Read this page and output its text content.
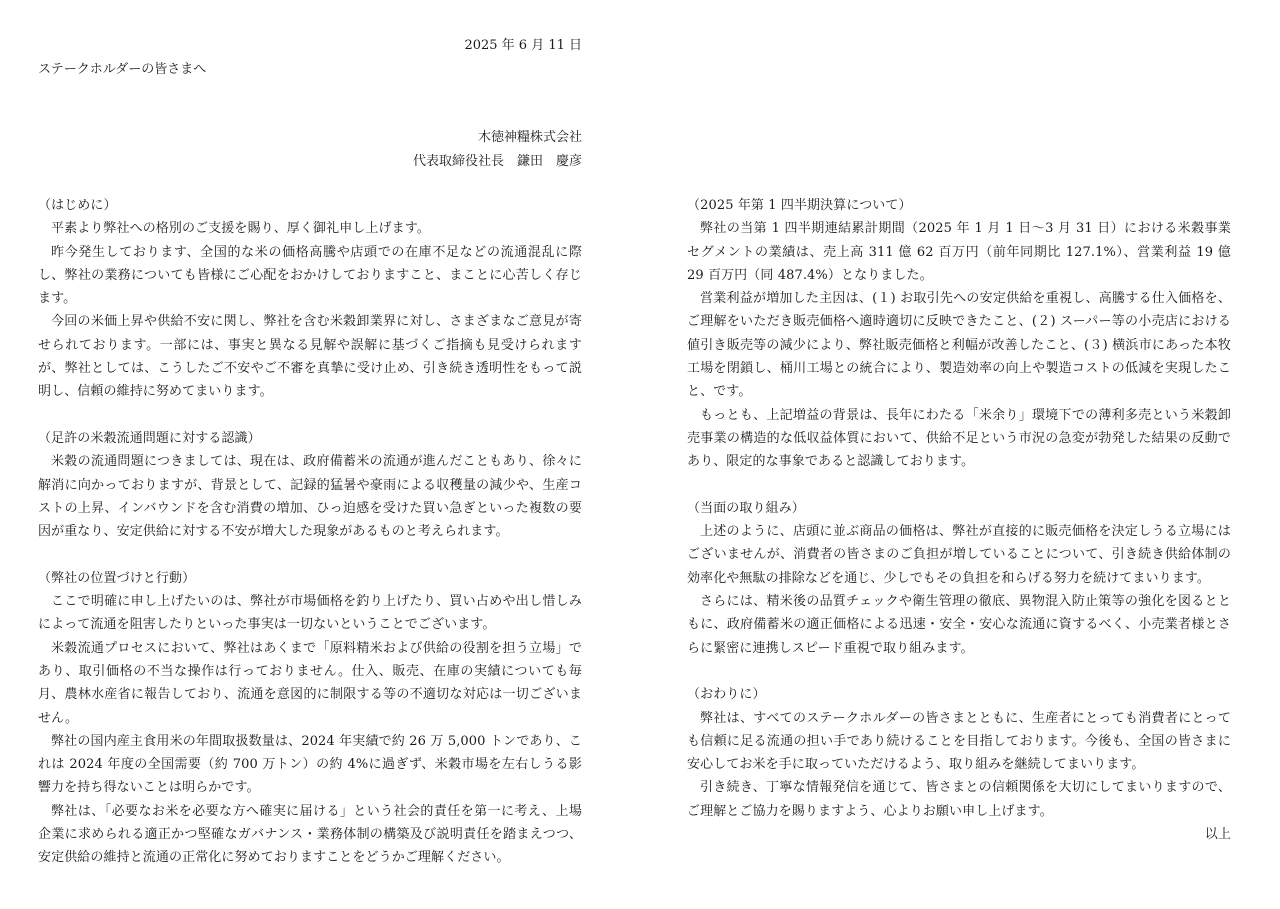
2025 年 6 月 11 日
ステークホルダーの皆さまへ
木徳神糧株式会社
代表取締役社長　鎌田　慶彦

（はじめに）

平素より弊社への格別のご支援を賜り、厚く御礼申し上げます。

昨今発生しております、全国的な米の価格高騰や店頭での在庫不足などの流通混乱に際し、弊社の業務についても皆様にご心配をおかけしておりますこと、まことに心苦しく存じます。

今回の米価上昇や供給不安に関し、弊社を含む米穀卸業界に対し、さまざまなご意見が寄せられております。一部には、事実と異なる見解や誤解に基づくご指摘も見受けられますが、弊社としては、こうしたご不安やご不審を真摯に受け止め、引き続き透明性をもって説明し、信頼の維持に努めてまいります。

（足許の米穀流通問題に対する認識）

米穀の流通問題につきましては、現在は、政府備蓄米の流通が進んだこともあり、徐々に解消に向かっておりますが、背景として、記録的猛暑や豪雨による収穫量の減少や、生産コストの上昇、インバウンドを含む消費の増加、ひっ迫感を受けた買い急ぎといった複数の要因が重なり、安定供給に対する不安が増大した現象があるものと考えられます。

（弊社の位置づけと行動）

ここで明確に申し上げたいのは、弊社が市場価格を釣り上げたり、買い占めや出し惜しみによって流通を阻害したりといった事実は一切ないということでございます。

米穀流通プロセスにおいて、弊社はあくまで「原料精米および供給の役割を担う立場」であり、取引価格の不当な操作は行っておりません。仕入、販売、在庫の実績についても毎月、農林水産省に報告しており、流通を意図的に制限する等の不適切な対応は一切ございません。

弊社の国内産主食用米の年間取扱数量は、2024 年実績で約 26 万 5,000 トンであり、これは 2024 年度の全国需要（約 700 万トン）の約 4%に過ぎず、米穀市場を左右しうる影響力を持ち得ないことは明らかです。

弊社は、「必要なお米を必要な方へ確実に届ける」という社会的責任を第一に考え、上場企業に求められる適正かつ堅確なガバナンス・業務体制の構築及び説明責任を踏まえつつ、安定供給の維持と流通の正常化に努めておりますことをどうかご理解ください。

（2025 年第 1 四半期決算について）

弊社の当第 1 四半期連結累計期間（2025 年 1 月 1 日～3 月 31 日）における米穀事業セグメントの業績は、売上高 311 億 62 百万円（前年同期比 127.1%）、営業利益 19 億 29 百万円（同 487.4%）となりました。

営業利益が増加した主因は、(１) お取引先への安定供給を重視し、高騰する仕入価格を、ご理解をいただき販売価格へ適時適切に反映できたこと、(２) スーパー等の小売店における値引き販売等の減少により、弊社販売価格と利幅が改善したこと、(３) 横浜市にあった本牧工場を閉鎖し、桶川工場との統合により、製造効率の向上や製造コストの低減を実現したこと、です。

もっとも、上記増益の背景は、長年にわたる「米余り」環境下での薄利多売という米穀卸売事業の構造的な低収益体質において、供給不足という市況の急変が勃発した結果の反動であり、限定的な事象であると認識しております。

（当面の取り組み）

上述のように、店頭に並ぶ商品の価格は、弊社が直接的に販売価格を決定しうる立場にはございませんが、消費者の皆さまのご負担が増していることについて、引き続き供給体制の効率化や無駄の排除などを通じ、少しでもその負担を和らげる努力を続けてまいります。

さらには、精米後の品質チェックや衛生管理の徹底、異物混入防止策等の強化を図るとともに、政府備蓄米の適正価格による迅速・安全・安心な流通に資するべく、小売業者様とさらに緊密に連携しスピード重視で取り組みます。

（おわりに）

弊社は、すべてのステークホルダーの皆さまとともに、生産者にとっても消費者にとっても信頼に足る流通の担い手であり続けることを目指しております。今後も、全国の皆さまに安心してお米を手に取っていただけるよう、取り組みを継続してまいります。

引き続き、丁寧な情報発信を通じて、皆さまとの信頼関係を大切にしてまいりますので、ご理解とご協力を賜りますよう、心よりお願い申し上げます。

以上
